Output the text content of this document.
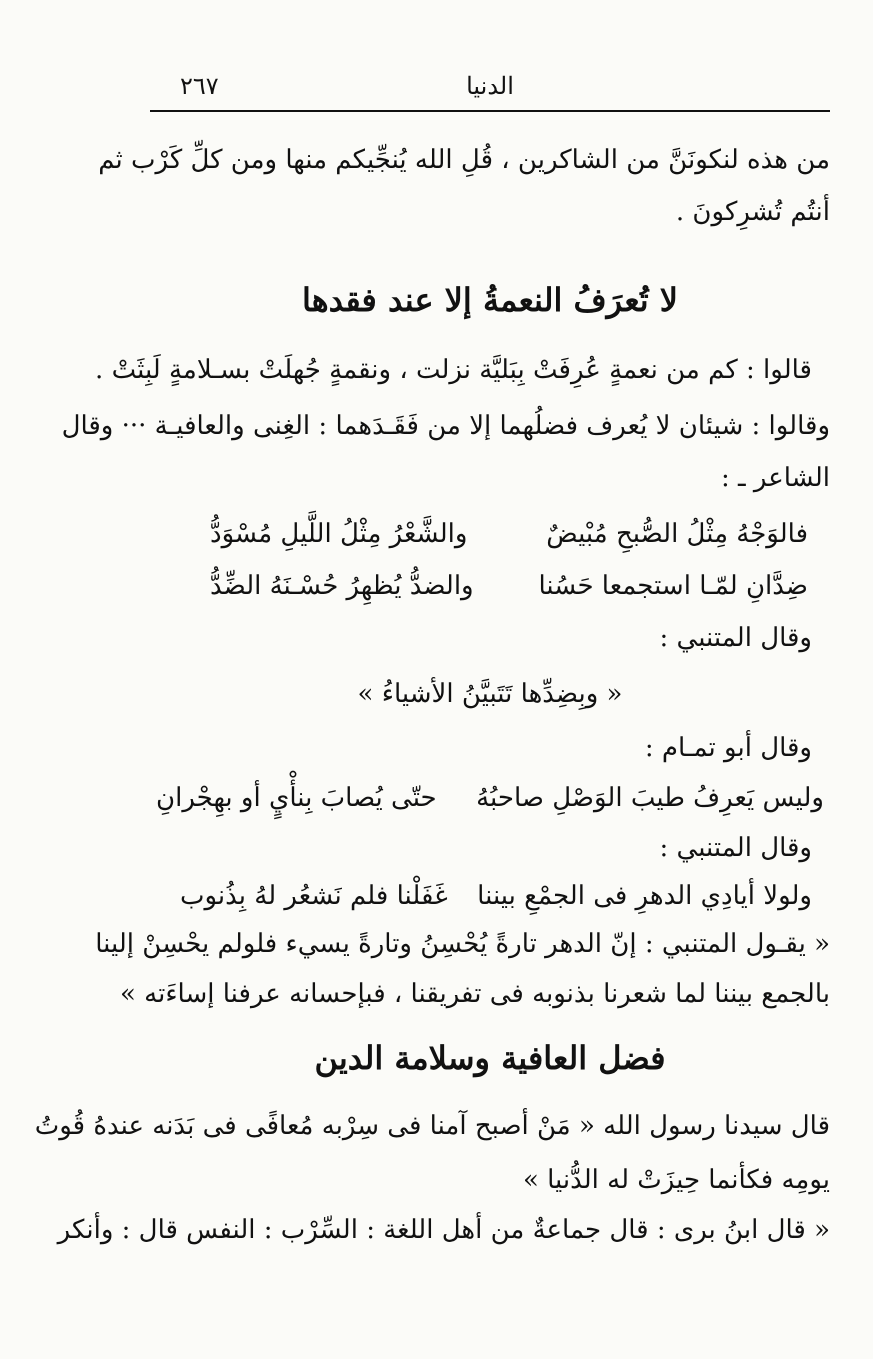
٢٦٧	الدنيا
من هذه لنكونَنَّ من الشاكرين ، قُلِ الله يُنجِّيكم منها ومن كلِّ كَرْب ثم
أنتُم تُشرِكونَ .
لا تُعرَفُ النعمةُ إلا عند فقدها
قالوا : كم من نعمةٍ عُرِفَتْ بِبَليَّة نزلت ، ونقمةٍ جُهلَتْ بسـلامةٍ لَبِثَتْ .
وقالوا : شيئان لا يُعرف فضلُهما إلا من فَقَـدَهما : الغِنى والعافيـة ··· وقال
الشاعر ـ :
فالوَجْهُ مِثْلُ الصُّبحِ مُبْيضٌ
والشَّعْرُ مِثْلُ اللَّيلِ مُسْوَدُّ
ضِدَّانِ لمّـا استجمعا حَسُنا
والضدُّ يُظهِرُ حُسْـنَهُ الضِّدُّ
وقال المتنبي :
« وبِضِدِّها تَتَبيَّنُ الأشياءُ »
وقال أبو تمـام :
وليس يَعرِفُ طيبَ الوَصْلِ صاحبُهُ
حتّى يُصابَ بِنأْيٍ أو بهِجْرانِ
وقال المتنبي :
ولولا أيادِي الدهرِ فى الجمْعِ بيننا
غَفَلْنا فلم نَشعُر لهُ بِذُنوب
« يقـول المتنبي : إنّ الدهر تارةً يُحْسِنُ وتارةً يسيء فلولم يحْسِنْ إلينا
بالجمع بيننا لما شعرنا بذنوبه فى تفريقنا ، فبإحسانه عرفنا إساءَته »
فضل العافية وسلامة الدين
قال سيدنا رسول الله « مَنْ أصبح آمنا فى سِرْبه مُعافًى فى بَدَنه عندهُ قُوتُ
يومِه فكأنما حِيزَتْ له الدُّنيا »
« قال ابنُ برى : قال جماعةٌ من أهل اللغة : السِّرْب : النفس قال : وأنكر
